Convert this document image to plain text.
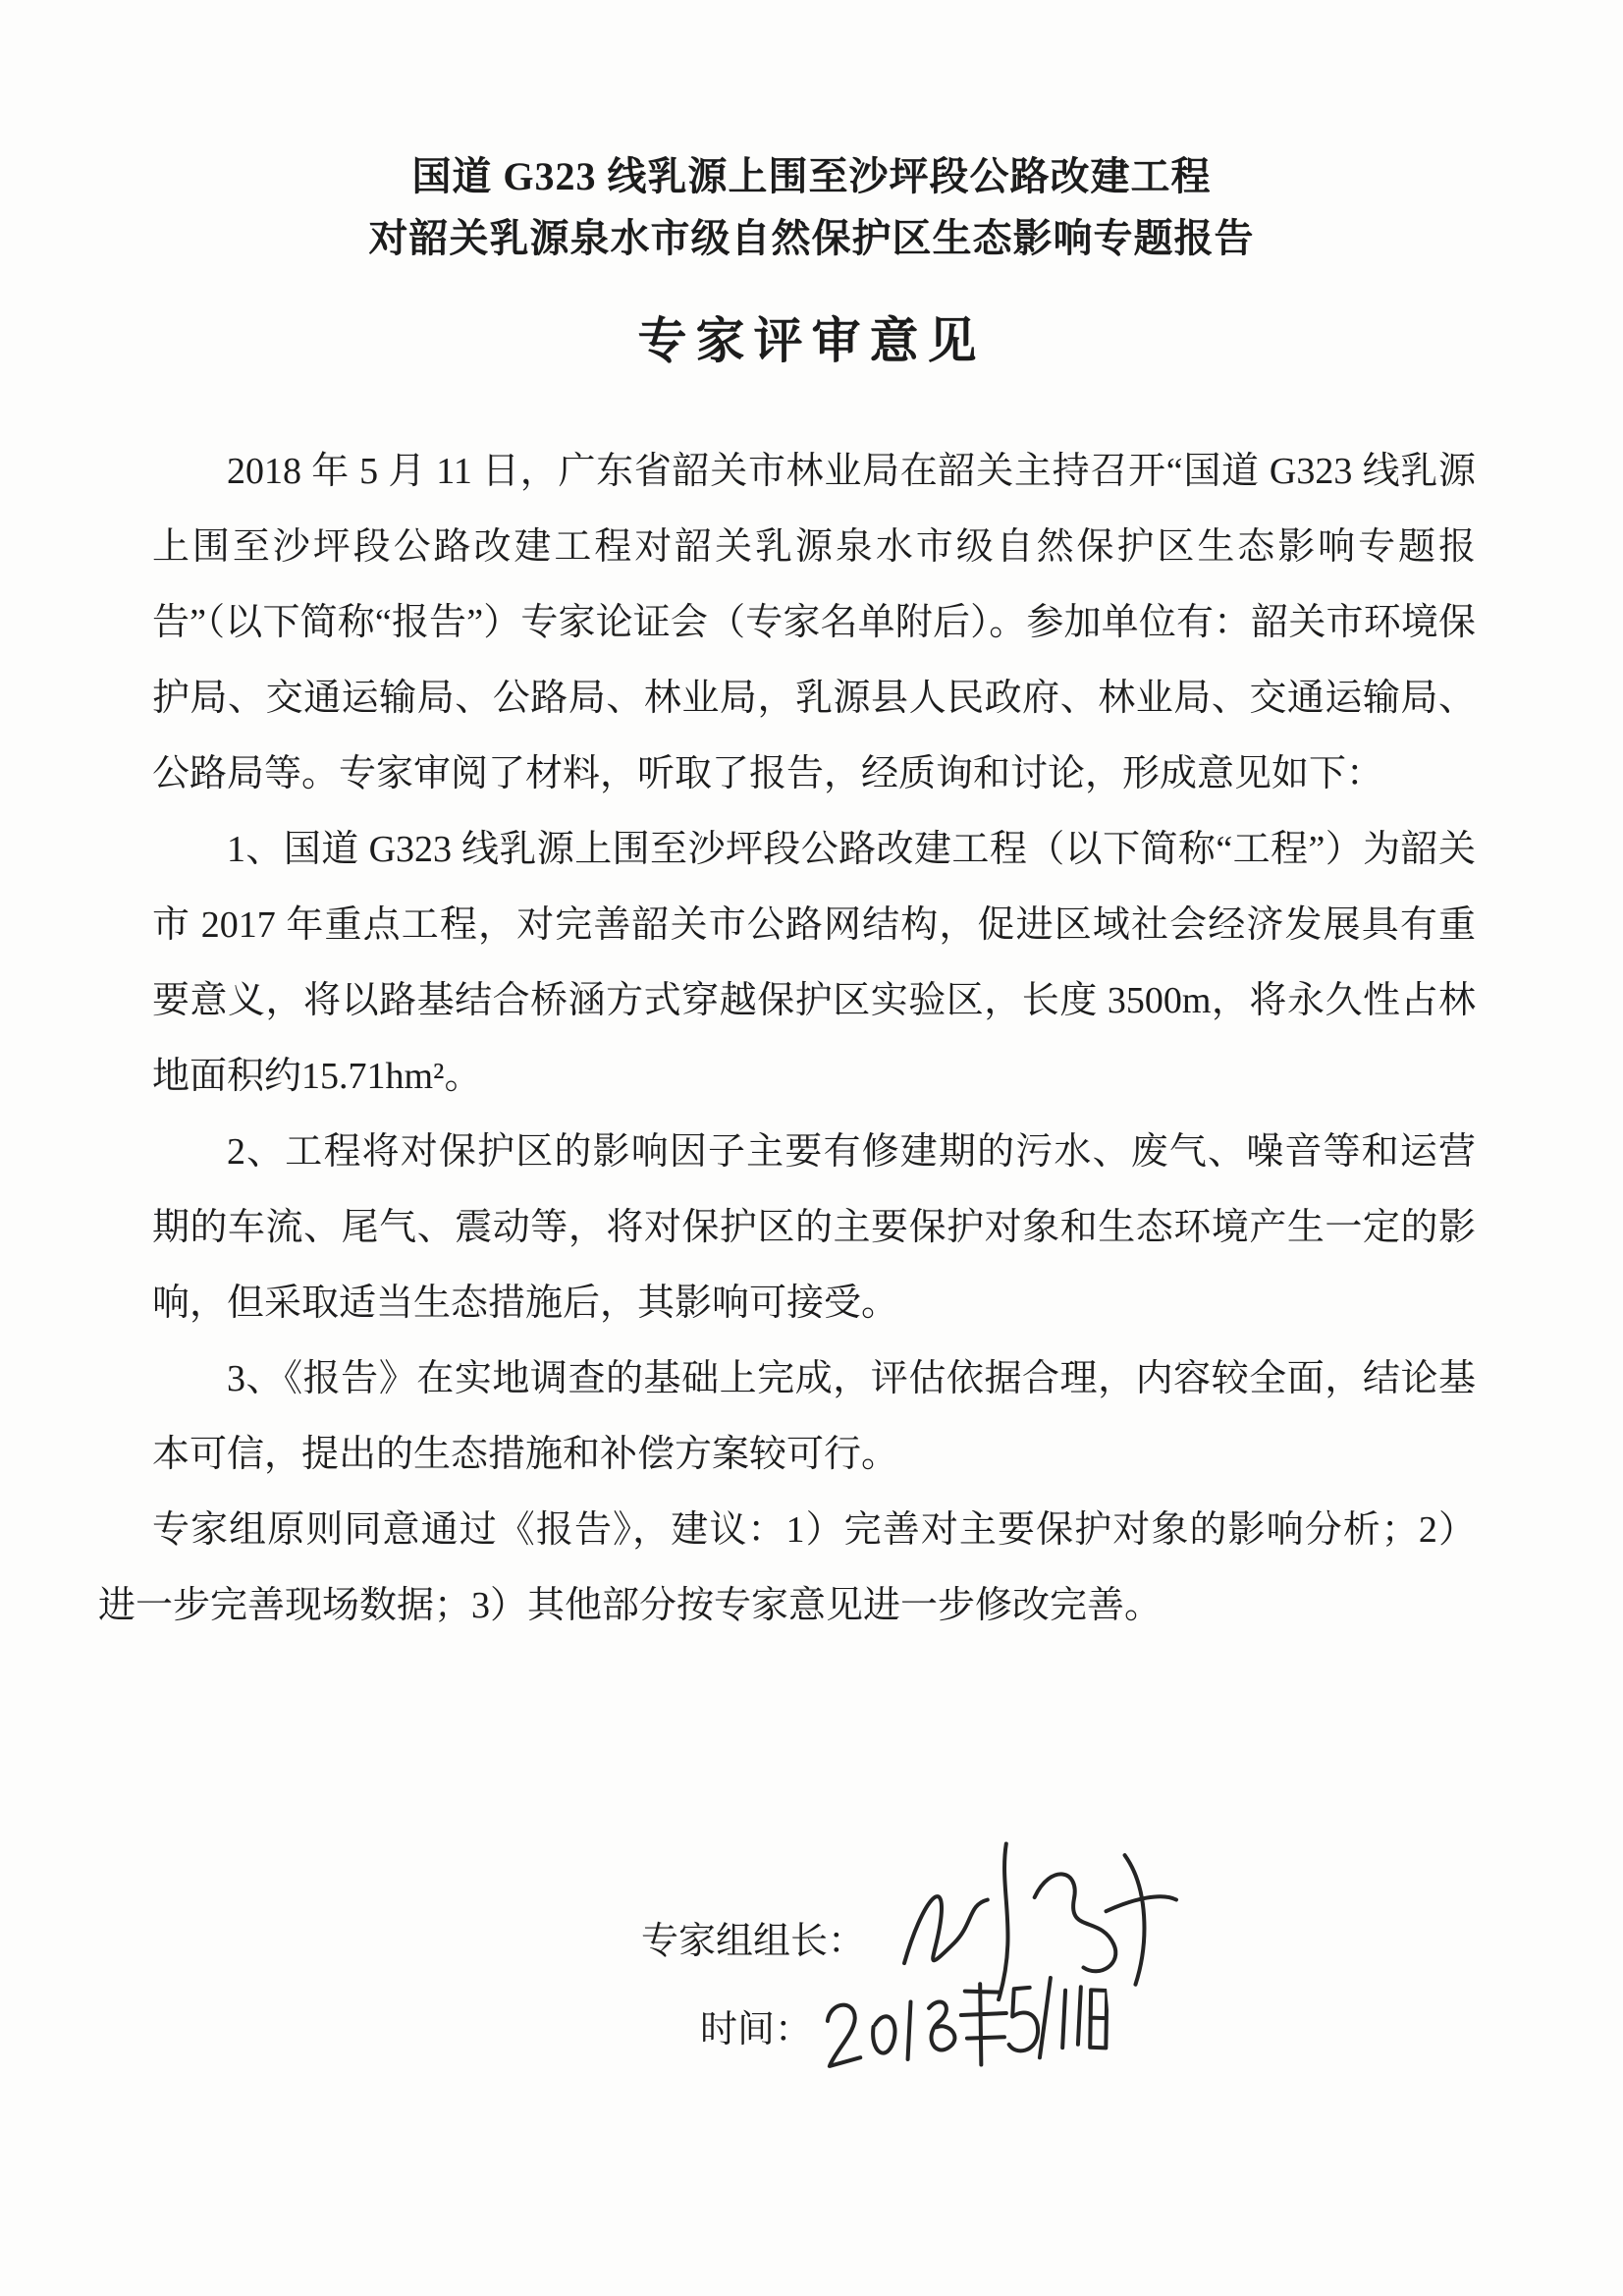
国道 G323 线乳源上围至沙坪段公路改建工程
对韶关乳源泉水市级自然保护区生态影响专题报告
专家评审意见

2018 年 5 月 11 日，广东省韶关市林业局在韶关主持召开“国道 G323 线乳源上围至沙坪段公路改建工程对韶关乳源泉水市级自然保护区生态影响专题报告”（以下简称“报告”）专家论证会（专家名单附后）。参加单位有：韶关市环境保护局、交通运输局、公路局、林业局，乳源县人民政府、林业局、交通运输局、公路局等。专家审阅了材料，听取了报告，经质询和讨论，形成意见如下：

1、国道 G323 线乳源上围至沙坪段公路改建工程（以下简称“工程”）为韶关市 2017 年重点工程，对完善韶关市公路网结构，促进区域社会经济发展具有重要意义，将以路基结合桥涵方式穿越保护区实验区，长度 3500m，将永久性占林地面积约15.71hm²。

2、工程将对保护区的影响因子主要有修建期的污水、废气、噪音等和运营期的车流、尾气、震动等，将对保护区的主要保护对象和生态环境产生一定的影响，但采取适当生态措施后，其影响可接受。

3、《报告》在实地调查的基础上完成，评估依据合理，内容较全面，结论基本可信，提出的生态措施和补偿方案较可行。

专家组原则同意通过《报告》，建议：1）完善对主要保护对象的影响分析；2）进一步完善现场数据；3）其他部分按专家意见进一步修改完善。

专家组组长：
时间：
